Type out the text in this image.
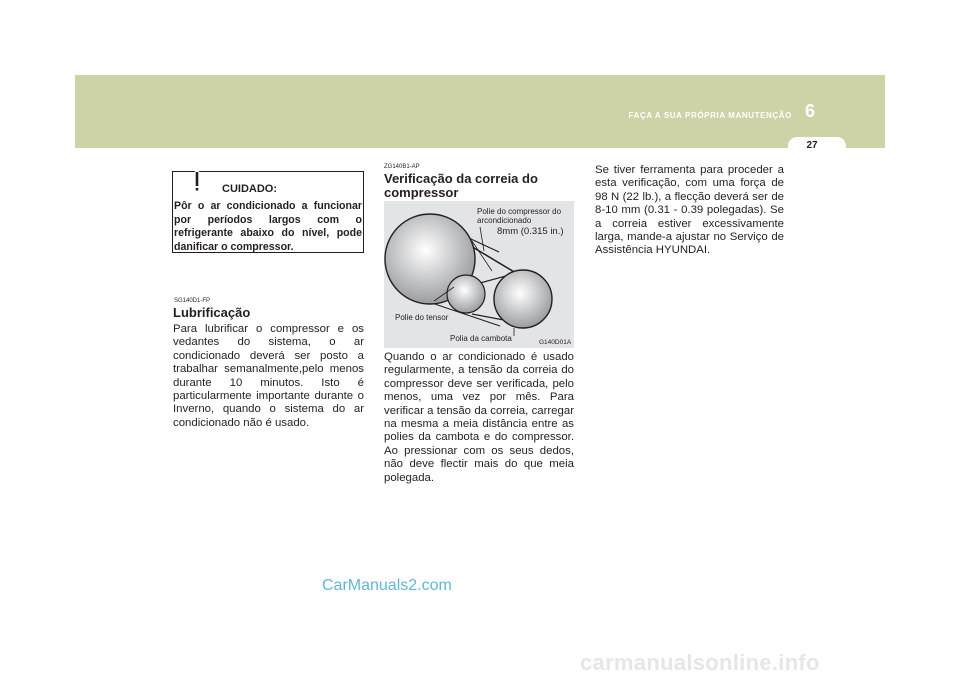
FAÇA A SUA PRÓPRIA MANUTENÇÃO 6
27
CUIDADO:
Pôr o ar condicionado a funcionar por períodos largos com o refrigerante abaixo do nível, pode danificar o compressor.
SG140D1-FP
Lubrificação
Para lubrificar o compressor e os vedantes do sistema, o ar condicionado deverá ser posto a trabalhar semanalmente,pelo menos durante 10 minutos. Isto é particularmente importante durante o Inverno, quando o sistema do ar condicionado não é usado.
ZG140B1-AP
Verificação da correia do compressor
Polie do compressor do arcondicionado
8mm (0.315 in.)
Polie do tensor
Polia da cambota	G140D01A
Quando o ar condicionado é usado regularmente, a tensão da correia do compressor deve ser verificada, pelo menos, uma vez por mês. Para verificar a tensão da correia, carregar na mesma a meia distância entre as polies da cambota e do compressor. Ao pressionar com os seus dedos, não deve flectir mais do que meia polegada.
Se tiver ferramenta para proceder a esta verificação, com uma força de 98 N (22 lb.), a flecção deverá ser de 8-10 mm (0.31 - 0.39 polegadas). Se a correia estiver excessivamente larga, mande-a ajustar no Serviço de Assistência HYUNDAI.
CarManuals2.com
carmanualsonline.info
